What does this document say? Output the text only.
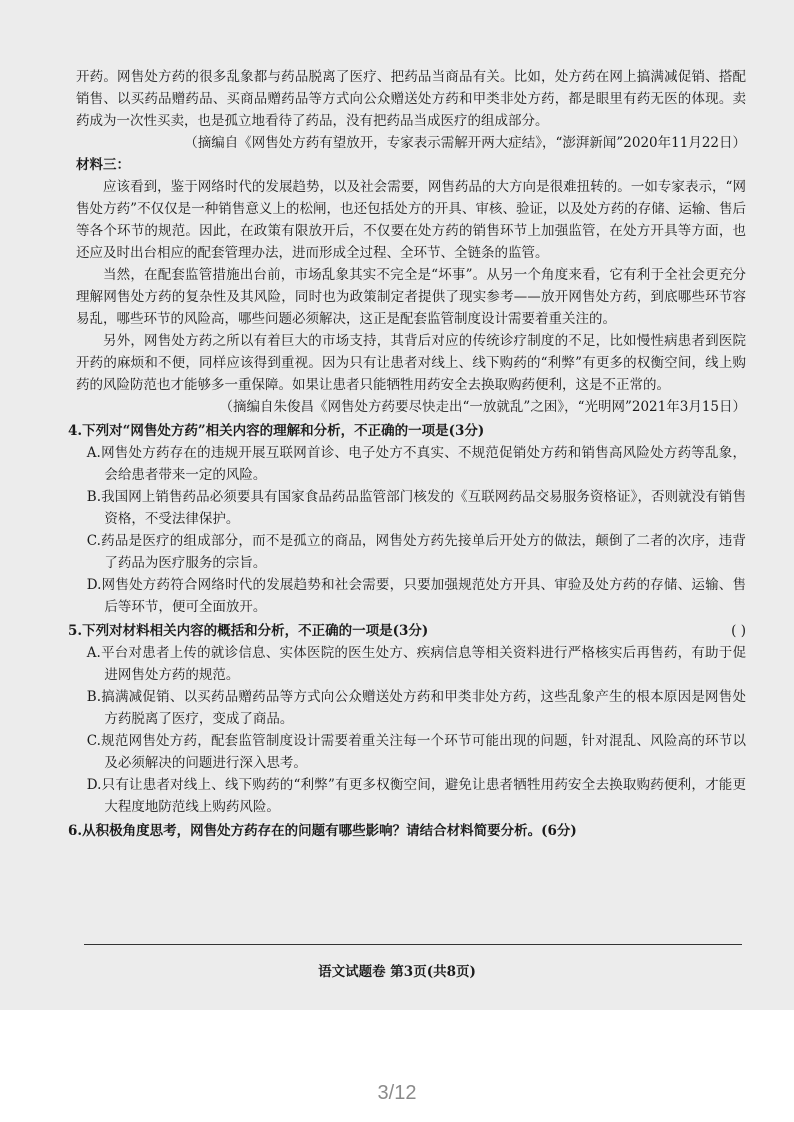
开药。网售处方药的很多乱象都与药品脱离了医疗、把药品当商品有关。比如，处方药在网上搞满减促销、搭配销售、以买药品赠药品、买商品赠药品等方式向公众赠送处方药和甲类非处方药，都是眼里有药无医的体现。卖药成为一次性买卖，也是孤立地看待了药品，没有把药品当成医疗的组成部分。

（摘编自《网售处方药有望放开，专家表示需解开两大症结》，“澎湃新闻”2020年11月22日）

材料三：

应该看到，鉴于网络时代的发展趋势，以及社会需要，网售药品的大方向是很难扭转的。一如专家表示，“网售处方药”不仅仅是一种销售意义上的松闸，也还包括处方的开具、审核、验证，以及处方药的存储、运输、售后等各个环节的规范。因此，在政策有限放开后，不仅要在处方药的销售环节上加强监管，在处方开具等方面，也还应及时出台相应的配套管理办法，进而形成全过程、全环节、全链条的监管。

当然，在配套监管措施出台前，市场乱象其实不完全是“坏事”。从另一个角度来看，它有利于全社会更充分理解网售处方药的复杂性及其风险，同时也为政策制定者提供了现实参考——放开网售处方药，到底哪些环节容易乱，哪些环节的风险高，哪些问题必须解决，这正是配套监管制度设计需要着重关注的。

另外，网售处方药之所以有着巨大的市场支持，其背后对应的传统诊疗制度的不足，比如慢性病患者到医院开药的麻烦和不便，同样应该得到重视。因为只有让患者对线上、线下购药的“利弊”有更多的权衡空间，线上购药的风险防范也才能够多一重保障。如果让患者只能牺牲用药安全去换取购药便利，这是不正常的。

（摘编自朱俊昌《网售处方药要尽快走出“一放就乱”之困》，“光明网”2021年3月15日）

4.下列对“网售处方药”相关内容的理解和分析，不正确的一项是(3分)

A.网售处方药存在的违规开展互联网首诊、电子处方不真实、不规范促销处方药和销售高风险处方药等乱象，会给患者带来一定的风险。

B.我国网上销售药品必须要具有国家食品药品监管部门核发的《互联网药品交易服务资格证》，否则就没有销售资格，不受法律保护。

C.药品是医疗的组成部分，而不是孤立的商品，网售处方药先接单后开处方的做法，颠倒了二者的次序，违背了药品为医疗服务的宗旨。

D.网售处方药符合网络时代的发展趋势和社会需要，只要加强规范处方开具、审验及处方药的存储、运输、售后等环节，便可全面放开。

5.下列对材料相关内容的概括和分析，不正确的一项是(3分)	( )

A.平台对患者上传的就诊信息、实体医院的医生处方、疾病信息等相关资料进行严格核实后再售药，有助于促进网售处方药的规范。

B.搞满减促销、以买药品赠药品等方式向公众赠送处方药和甲类非处方药，这些乱象产生的根本原因是网售处方药脱离了医疗，变成了商品。

C.规范网售处方药，配套监管制度设计需要着重关注每一个环节可能出现的问题，针对混乱、风险高的环节以及必须解决的问题进行深入思考。

D.只有让患者对线上、线下购药的“利弊”有更多权衡空间，避免让患者牺牲用药安全去换取购药便利，才能更大程度地防范线上购药风险。

6.从积极角度思考，网售处方药存在的问题有哪些影响？请结合材料简要分析。(6分)

语文试题卷 第3页(共8页)
3/12
